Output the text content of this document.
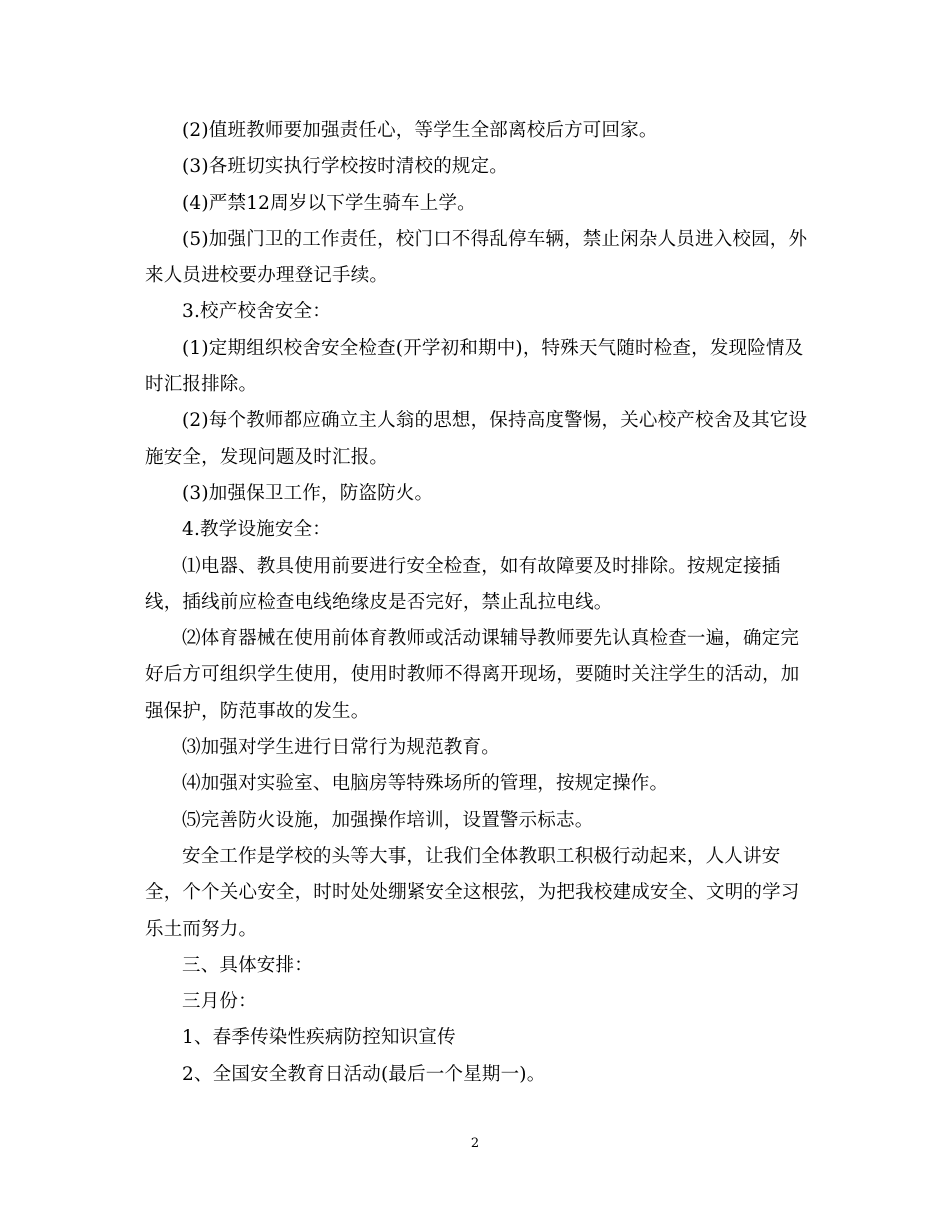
(2)值班教师要加强责任心，等学生全部离校后方可回家。

(3)各班切实执行学校按时清校的规定。

(4)严禁12周岁以下学生骑车上学。

(5)加强门卫的工作责任，校门口不得乱停车辆，禁止闲杂人员进入校园，外来人员进校要办理登记手续。

3.校产校舍安全：

(1)定期组织校舍安全检查(开学初和期中)，特殊天气随时检查，发现险情及时汇报排除。

(2)每个教师都应确立主人翁的思想，保持高度警惕，关心校产校舍及其它设施安全，发现问题及时汇报。

(3)加强保卫工作，防盗防火。

4.教学设施安全：

⑴电器、教具使用前要进行安全检查，如有故障要及时排除。按规定接插线，插线前应检查电线绝缘皮是否完好，禁止乱拉电线。

⑵体育器械在使用前体育教师或活动课辅导教师要先认真检查一遍，确定完好后方可组织学生使用，使用时教师不得离开现场，要随时关注学生的活动，加强保护，防范事故的发生。

⑶加强对学生进行日常行为规范教育。

⑷加强对实验室、电脑房等特殊场所的管理，按规定操作。

⑸完善防火设施，加强操作培训，设置警示标志。

安全工作是学校的头等大事，让我们全体教职工积极行动起来，人人讲安全，个个关心安全，时时处处绷紧安全这根弦，为把我校建成安全、文明的学习乐土而努力。

三、具体安排：

三月份：

1、春季传染性疾病防控知识宣传

2、全国安全教育日活动(最后一个星期一)。

2
